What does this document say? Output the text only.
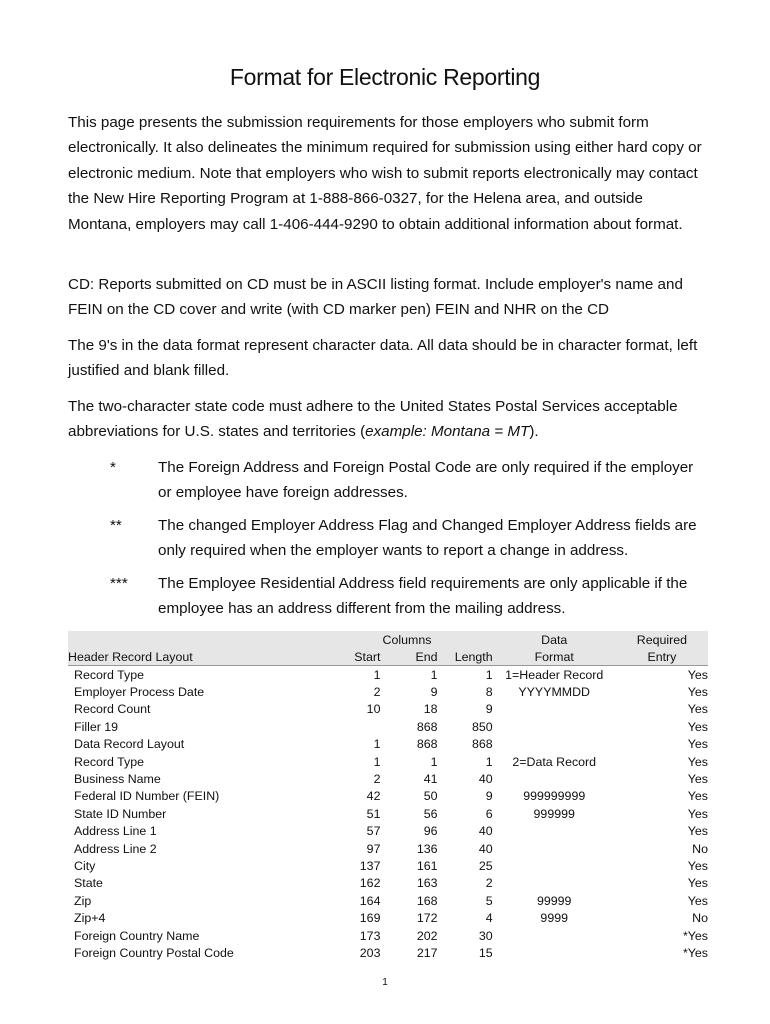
Format for Electronic Reporting

This page presents the submission requirements for those employers who submit form electronically. It also delineates the minimum required for submission using either hard copy or electronic medium. Note that employers who wish to submit reports electronically may contact the New Hire Reporting Program at 1-888-866-0327, for the Helena area, and outside Montana, employers may call 1-406-444-9290 to obtain additional information about format.

CD: Reports submitted on CD must be in ASCII listing format. Include employer's name and FEIN on the CD cover and write (with CD marker pen) FEIN and NHR on the CD

The 9's in the data format represent character data. All data should be in character format, left justified and blank filled.

The two-character state code must adhere to the United States Postal Services acceptable abbreviations for U.S. states and territories (example: Montana = MT).

*	The Foreign Address and Foreign Postal Code are only required if the employer or employee have foreign addresses.
**	The changed Employer Address Flag and Changed Employer Address fields are only required when the employer wants to report a change in address.
***	The Employee Residential Address field requirements are only applicable if the employee has an address different from the mailing address.
	Columns			Data	Required
Header Record Layout	Start	End	Length	Format	Entry
Record Type	1	1	1	1=Header Record	Yes
Employer Process Date	2	9	8	YYYYMMDD	Yes
Record Count	10	18	9		Yes
Filler 19		868	850		Yes
Data Record Layout	1	868	868		Yes
Record Type	1	1	1	2=Data Record	Yes
Business Name	2	41	40		Yes
Federal ID Number (FEIN)	42	50	9	999999999	Yes
State ID Number	51	56	6	999999	Yes
Address Line 1	57	96	40		Yes
Address Line 2	97	136	40		No
City	137	161	25		Yes
State	162	163	2		Yes
Zip	164	168	5	99999	Yes
Zip+4	169	172	4	9999	No
Foreign Country Name	173	202	30		*Yes
Foreign Country Postal Code	203	217	15		*Yes
1
